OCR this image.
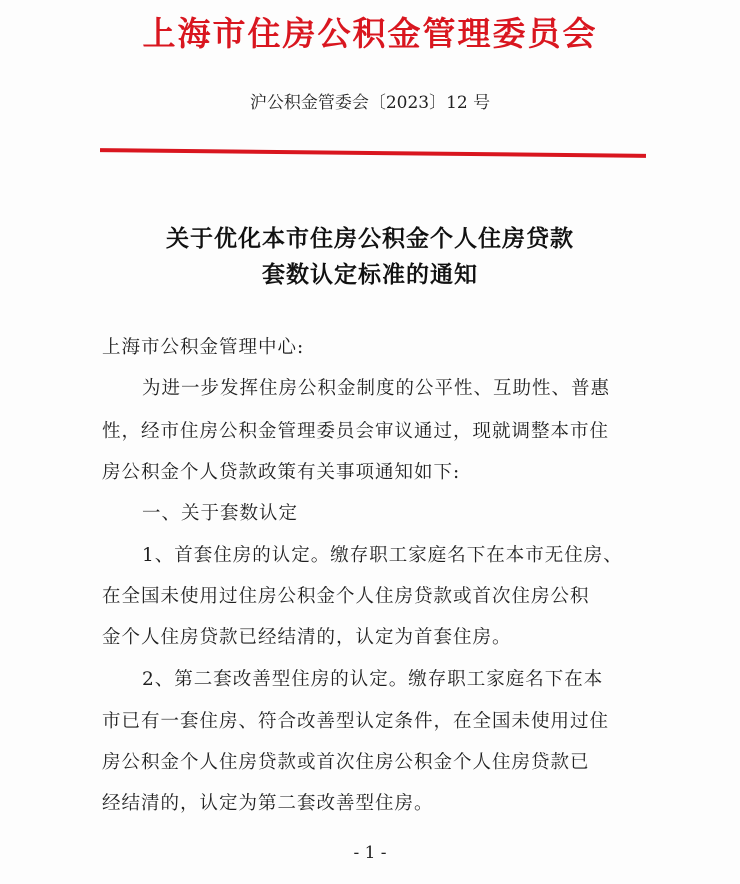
上海市住房公积金管理委员会
沪公积金管委会〔2023〕12 号
关于优化本市住房公积金个人住房贷款
套数认定标准的通知
上海市公积金管理中心:
为进一步发挥住房公积金制度的公平性、互助性、普惠
性，经市住房公积金管理委员会审议通过，现就调整本市住
房公积金个人贷款政策有关事项通知如下:
一、关于套数认定
1、首套住房的认定。缴存职工家庭名下在本市无住房、
在全国未使用过住房公积金个人住房贷款或首次住房公积
金个人住房贷款已经结清的，认定为首套住房。
2、第二套改善型住房的认定。缴存职工家庭名下在本
市已有一套住房、符合改善型认定条件，在全国未使用过住
房公积金个人住房贷款或首次住房公积金个人住房贷款已
经结清的，认定为第二套改善型住房。
- 1 -
